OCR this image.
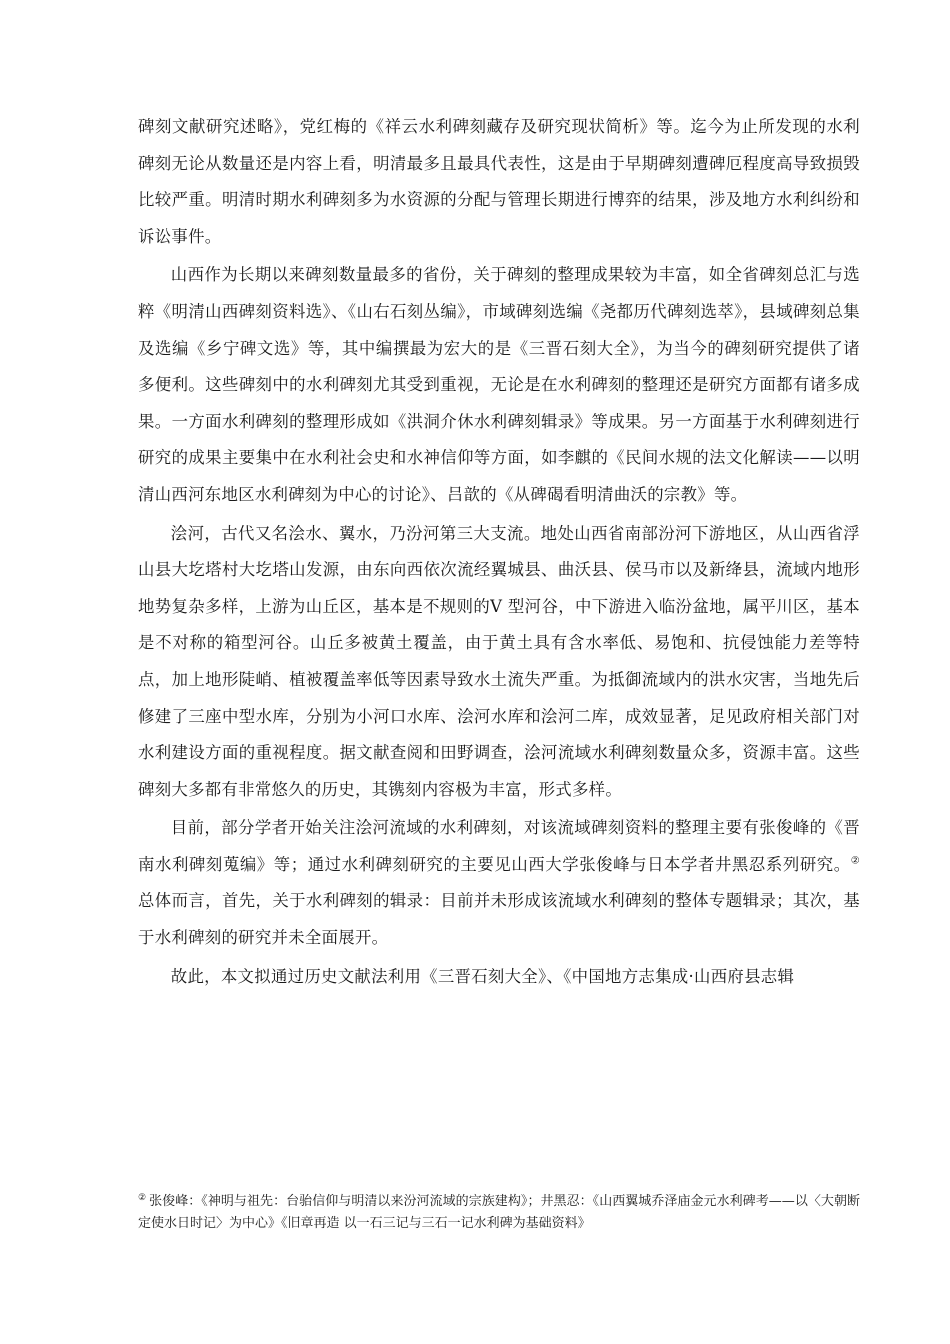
碑刻文献研究述略》，党红梅的《祥云水利碑刻藏存及研究现状简析》等。迄今为止所发现的水利碑刻无论从数量还是内容上看，明清最多且最具代表性，这是由于早期碑刻遭碑厄程度高导致损毁比较严重。明清时期水利碑刻多为水资源的分配与管理长期进行博弈的结果，涉及地方水利纠纷和诉讼事件。

山西作为长期以来碑刻数量最多的省份，关于碑刻的整理成果较为丰富，如全省碑刻总汇与选粹《明清山西碑刻资料选》、《山右石刻丛编》，市域碑刻选编《尧都历代碑刻选萃》，县域碑刻总集及选编《乡宁碑文选》等，其中编撰最为宏大的是《三晋石刻大全》，为当今的碑刻研究提供了诸多便利。这些碑刻中的水利碑刻尤其受到重视，无论是在水利碑刻的整理还是研究方面都有诸多成果。一方面水利碑刻的整理形成如《洪洞介休水利碑刻辑录》等成果。另一方面基于水利碑刻进行研究的成果主要集中在水利社会史和水神信仰等方面，如李麒的《民间水规的法文化解读——以明清山西河东地区水利碑刻为中心的讨论》、吕歆的《从碑碣看明清曲沃的宗教》等。

浍河，古代又名浍水、翼水，乃汾河第三大支流。地处山西省南部汾河下游地区，从山西省浮山县大圪塔村大圪塔山发源，由东向西依次流经翼城县、曲沃县、侯马市以及新绛县，流域内地形地势复杂多样，上游为山丘区，基本是不规则的V 型河谷，中下游进入临汾盆地，属平川区，基本是不对称的箱型河谷。山丘多被黄土覆盖，由于黄土具有含水率低、易饱和、抗侵蚀能力差等特点，加上地形陡峭、植被覆盖率低等因素导致水土流失严重。为抵御流域内的洪水灾害，当地先后修建了三座中型水库，分别为小河口水库、浍河水库和浍河二库，成效显著，足见政府相关部门对水利建设方面的重视程度。据文献查阅和田野调查，浍河流域水利碑刻数量众多，资源丰富。这些碑刻大多都有非常悠久的历史，其镌刻内容极为丰富，形式多样。

目前，部分学者开始关注浍河流域的水利碑刻，对该流域碑刻资料的整理主要有张俊峰的《晋南水利碑刻蒐编》等；通过水利碑刻研究的主要见山西大学张俊峰与日本学者井黑忍系列研究。② 总体而言，首先，关于水利碑刻的辑录：目前并未形成该流域水利碑刻的整体专题辑录；其次，基于水利碑刻的研究并未全面展开。

故此，本文拟通过历史文献法利用《三晋石刻大全》、《中国地方志集成·山西府县志辑

② 张俊峰：《神明与祖先：台骀信仰与明清以来汾河流域的宗族建构》；井黑忍：《山西翼城乔泽庙金元水利碑考——以〈大朝断定使水日时记〉为中心》《旧章再造 以一石三记与三石一记水利碑为基础资料》
